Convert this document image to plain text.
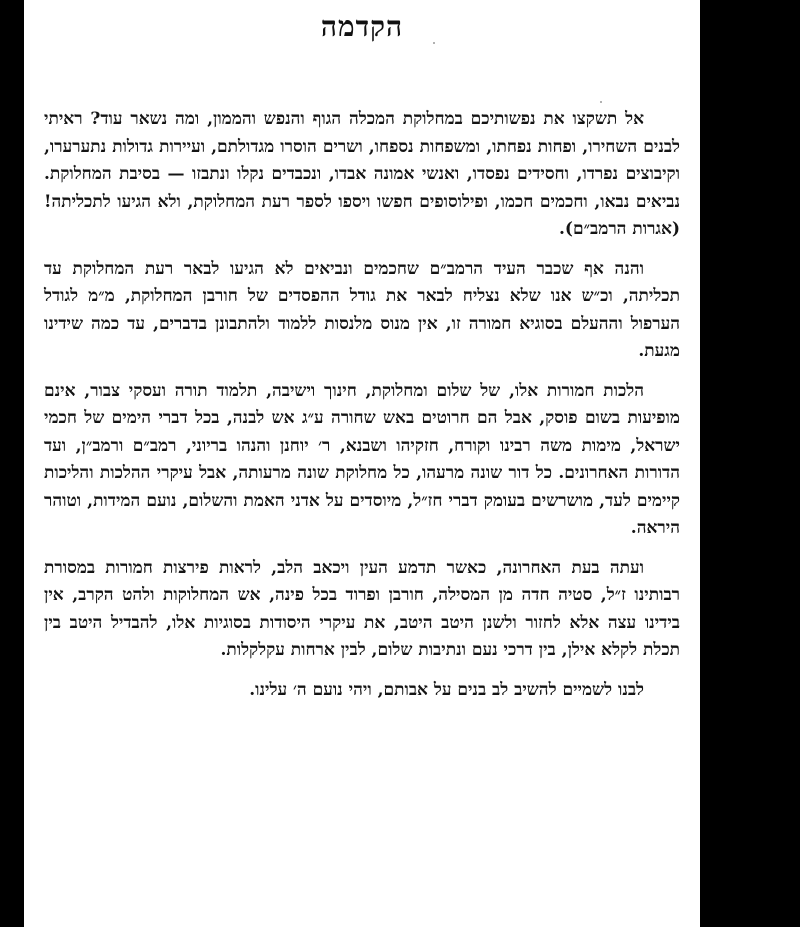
הקדמה

אל תשקצו את נפשותיכם במחלוקת המכלה הגוף והנפש והממון, ומה נשאר עוד? ראיתי לבנים השחירו, ופחות נפחתו, ומשפחות נספחו, ושרים הוסרו מגדולתם, ועיירות גדולות נתערערו, וקיבוצים נפרדו, וחסידים נפסדו, ואנשי אמונה אבדו, ונכבדים נקלו ונתבזו — בסיבת המחלוקת. נביאים נבאו, וחכמים חכמו, ופילוסופים חפשו ויספו לספר רעת המחלוקת, ולא הגיעו לתכליתה! (אגרות הרמב״ם).

והנה אף שכבר העיד הרמב״ם שחכמים ונביאים לא הגיעו לבאר רעת המחלוקת עד תכליתה, וכ״ש אנו שלא נצליח לבאר את גודל ההפסדים של חורבן המחלוקת, מ״מ לגודל הערפול וההעלם בסוגיא חמורה זו, אין מנוס מלנסות ללמוד ולהתבונן בדברים, עד כמה שידינו מגעת.

הלכות חמורות אלו, של שלום ומחלוקת, חינוך וישיבה, תלמוד תורה ועסקי צבור, אינם מופיעות בשום פוסק, אבל הם חרוטים באש שחורה ע״ג אש לבנה, בכל דברי הימים של חכמי ישראל, מימות משה רבינו וקורח, חזקיהו ושבנא, ר׳ יוחנן והנהו בריוני, רמב״ם ורמב״ן, ועד הדורות האחרונים. כל דור שונה מרעהו, כל מחלוקת שונה מרעותה, אבל עיקרי ההלכות והליכות קיימים לעד, מושרשים בעומק דברי חז״ל, מיוסדים על אדני האמת והשלום, נועם המידות, וטוהר היראה.

ועתה בעת האחרונה, כאשר תדמע העין ויכאב הלב, לראות פירצות חמורות במסורת רבותינו ז״ל, סטיה חדה מן המסילה, חורבן ופרוד בכל פינה, אש המחלוקות ולהט הקרב, אין בידינו עצה אלא לחזור ולשנן היטב היטב, את עיקרי היסודות בסוגיות אלו, להבדיל היטב בין תכלת לקלא אילן, בין דרכי נעם ונתיבות שלום, לבין ארחות עקלקלות.

לבנו לשמיים להשיב לב בנים על אבותם, ויהי נועם ה׳ עלינו.
